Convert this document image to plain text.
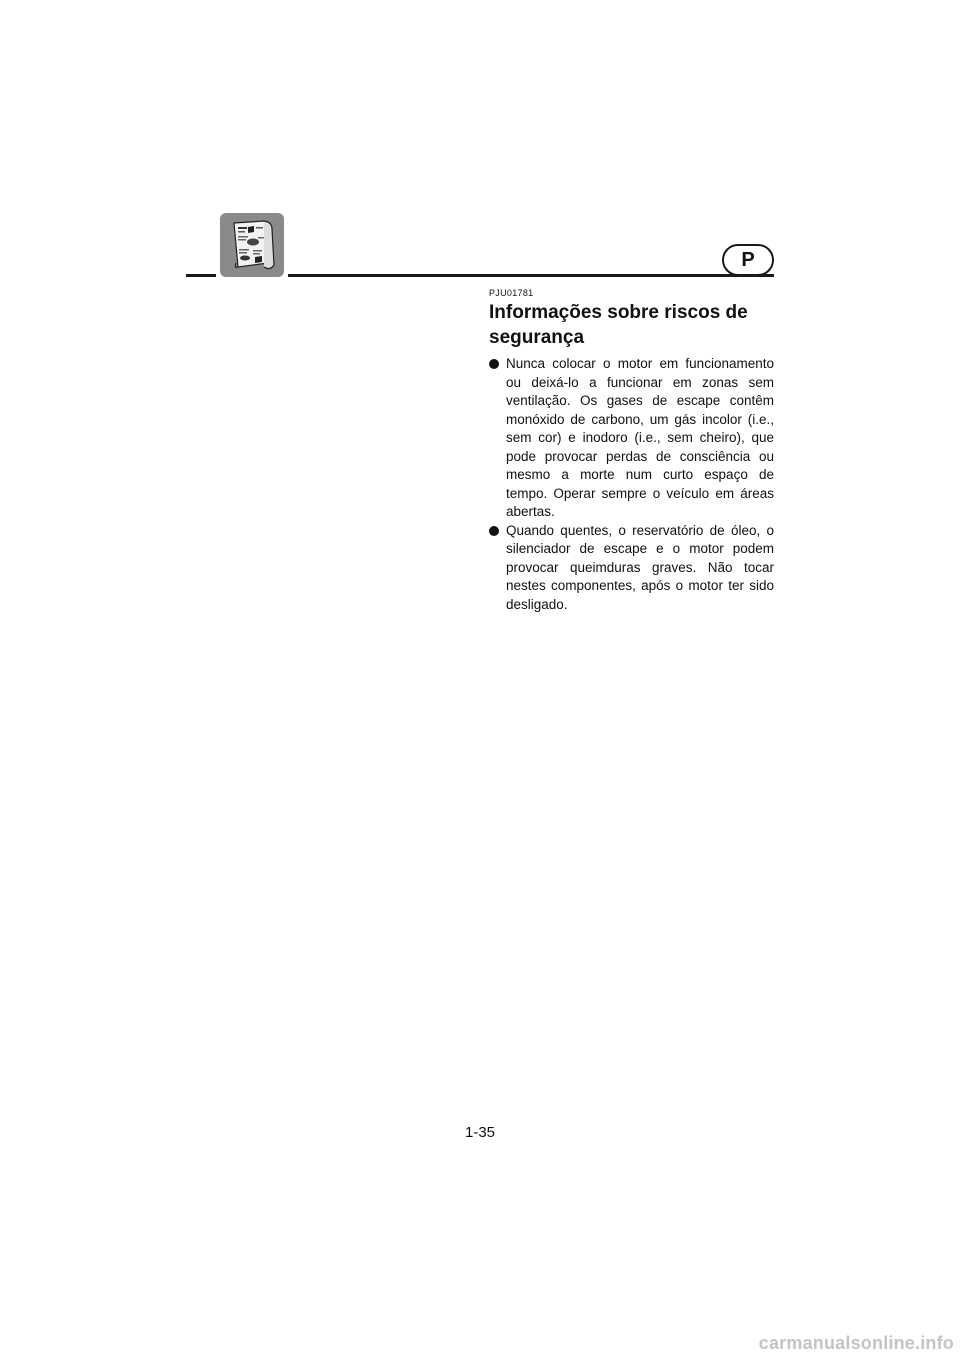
P
PJU01781
Informações sobre riscos de segurança
Nunca colocar o motor em funcionamento ou deixá-lo a funcionar em zonas sem ventilação. Os gases de escape contêm monóxido de carbono, um gás incolor (i.e., sem cor) e inodoro (i.e., sem cheiro), que pode provocar perdas de consciência ou mesmo a morte num curto espaço de tempo. Operar sempre o veículo em áreas abertas.
Quando quentes, o reservatório de óleo, o silenciador de escape e o motor podem provocar queimduras graves. Não tocar nestes componentes, após o motor ter sido desligado.
1-35
carmanualsonline.info
